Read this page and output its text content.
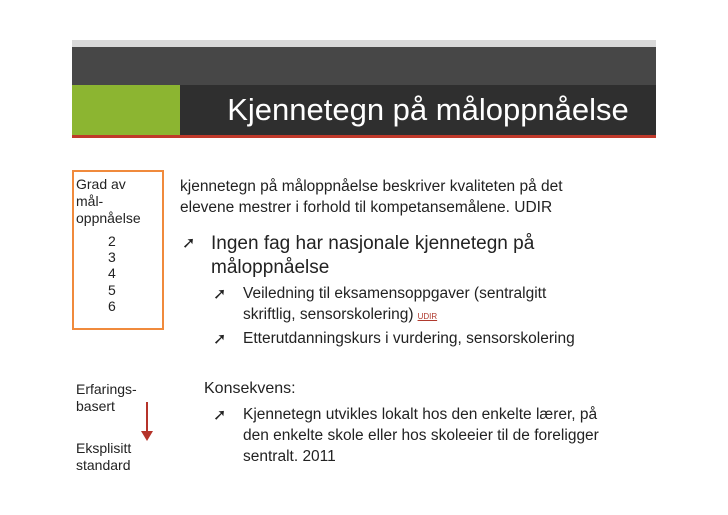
Kjennetegn på måloppnåelse
Grad av
mål-
oppnåelse
2
3
4
5
6
Erfarings-
basert
Eksplisitt
standard
kjennetegn på måloppnåelse beskriver kvaliteten på det
elevene mestrer i forhold til kompetansemålene. UDIR
➚ Ingen fag har nasjonale kjennetegn på
måloppnåelse
➚ Veiledning til eksamensoppgaver (sentralgitt
skriftlig, sensorskolering) UDIR
➚ Etterutdanningskurs i vurdering, sensorskolering
Konsekvens:
➚ Kjennetegn utvikles lokalt hos den enkelte lærer, på
den enkelte skole eller hos skoleeier til de foreligger
sentralt. 2011
